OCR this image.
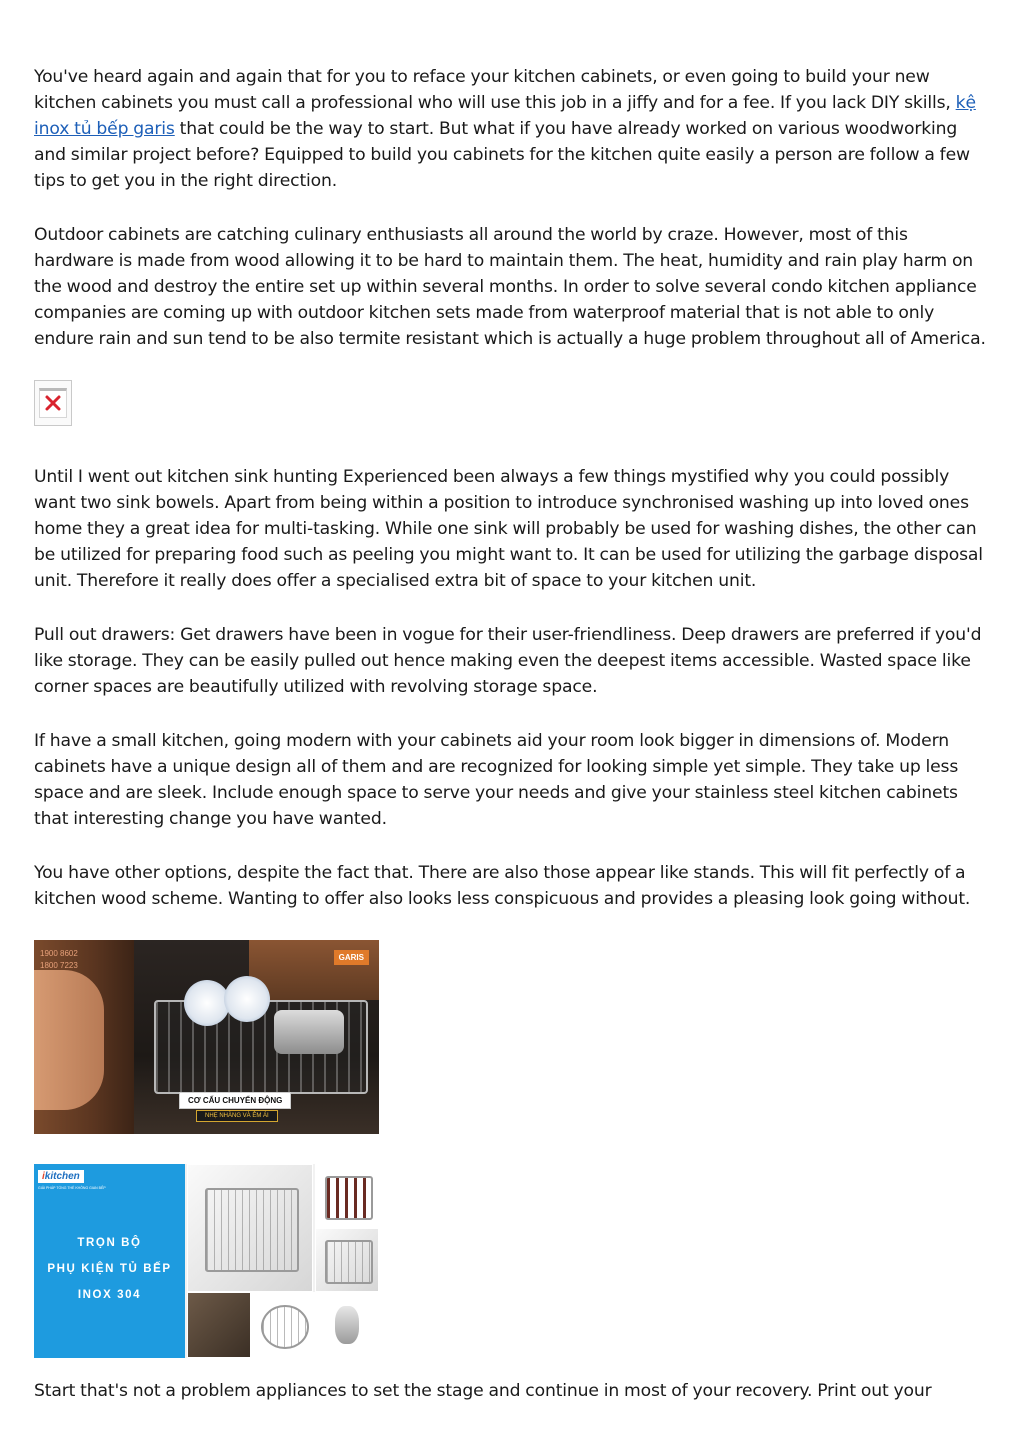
You've heard again and again that for you to reface your kitchen cabinets, or even going to build your new kitchen cabinets you must call a professional who will use this job in a jiffy and for a fee. If you lack DIY skills, kệ inox tủ bếp garis that could be the way to start. But what if you have already worked on various woodworking and similar project before? Equipped to build you cabinets for the kitchen quite easily a person are follow a few tips to get you in the right direction.

Outdoor cabinets are catching culinary enthusiasts all around the world by craze. However, most of this hardware is made from wood allowing it to be hard to maintain them. The heat, humidity and rain play harm on the wood and destroy the entire set up within several months. In order to solve several condo kitchen appliance companies are coming up with outdoor kitchen sets made from waterproof material that is not able to only endure rain and sun tend to be also termite resistant which is actually a huge problem throughout all of America.

Until I went out kitchen sink hunting Experienced been always a few things mystified why you could possibly want two sink bowels. Apart from being within a position to introduce synchronised washing up into loved ones home they a great idea for multi-tasking. While one sink will probably be used for washing dishes, the other can be utilized for preparing food such as peeling you might want to. It can be used for utilizing the garbage disposal unit. Therefore it really does offer a specialised extra bit of space to your kitchen unit.

Pull out drawers: Get drawers have been in vogue for their user-friendliness. Deep drawers are preferred if you'd like storage. They can be easily pulled out hence making even the deepest items accessible. Wasted space like corner spaces are beautifully utilized with revolving storage space.

If have a small kitchen, going modern with your cabinets aid your room look bigger in dimensions of. Modern cabinets have a unique design all of them and are recognized for looking simple yet simple. They take up less space and are sleek. Include enough space to serve your needs and give your stainless steel kitchen cabinets that interesting change you have wanted.

You have other options, despite the fact that. There are also those appear like stands. This will fit perfectly of a kitchen wood scheme. Wanting to offer also looks less conspicuous and provides a pleasing look going without.

1900 8602
1800 7223
GARIS
CƠ CẤU CHUYỂN ĐỘNG
NHẸ NHÀNG VÀ ÊM ÁI
ikitchen
GIẢI PHÁP TỔNG THỂ KHÔNG GIAN BẾP
TRỌN BỘ
PHỤ KIỆN TỦ BẾP
INOX 304

Start that's not a problem appliances to set the stage and continue in most of your recovery. Print out your
